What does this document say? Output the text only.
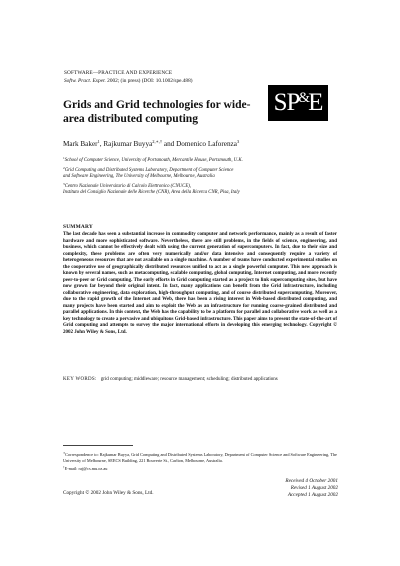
SOFTWARE—PRACTICE AND EXPERIENCE
Softw. Pract. Exper. 2002; (in press) (DOI: 10.1002/spe.488)
Grids and Grid technologies for wide-area distributed computing
SP&E
Mark Baker$^1$, Rajkumar Buyya$^{2,∗,\dagger}$ and Domenico Laforenza$^3$
$^1$School of Computer Science, University of Portsmouth, Mercantile House, Portsmouth, U.K.
$^2$Grid Computing and Distributed Systems Laboratory, Department of Computer Science
and Software Engineering, The University of Melbourne, Melbourne, Australia
$^3$Centro Nazionale Universitario di Calcolo Elettronico (CNUCE),
Instituto del Consiglio Nazionale delle Ricerche (CNR), Area della Ricerca CNR, Pisa, Italy
SUMMARY

The last decade has seen a substantial increase in commodity computer and network performance, mainly as a result of faster hardware and more sophisticated software. Nevertheless, there are still problems, in the fields of science, engineering, and business, which cannot be effectively dealt with using the current generation of supercomputers. In fact, due to their size and complexity, these problems are often very numerically and/or data intensive and consequently require a variety of heterogeneous resources that are not available on a single machine. A number of teams have conducted experimental studies on the cooperative use of geographically distributed resources unified to act as a single powerful computer. This new approach is known by several names, such as metacomputing, scalable computing, global computing, Internet computing, and more recently peer-to-peer or Grid computing. The early efforts in Grid computing started as a project to link supercomputing sites, but have now grown far beyond their original intent. In fact, many applications can benefit from the Grid infrastructure, including collaborative engineering, data exploration, high-throughput computing, and of course distributed supercomputing. Moreover, due to the rapid growth of the Internet and Web, there has been a rising interest in Web-based distributed computing, and many projects have been started and aim to exploit the Web as an infrastructure for running coarse-grained distributed and parallel applications. In this context, the Web has the capability to be a platform for parallel and collaborative work as well as a key technology to create a pervasive and ubiquitous Grid-based infrastructure. This paper aims to present the state-of-the-art of Grid computing and attempts to survey the major international efforts in developing this emerging technology. Copyright © 2002 John Wiley & Sons, Ltd.

KEY WORDS: grid computing; middleware; resource management; scheduling; distributed applications
∗Correspondence to: Rajkumar Buyya, Grid Computing and Distributed Systems Laboratory, Department of Computer Science and Software Engineering, The University of Melbourne, SEECS Building, 221 Bouverie St., Carlton, Melbourne, Australia.
†E-mail: raj@cs.mu.oz.au
Copyright © 2002 John Wiley & Sons, Ltd.
Received 4 October 2001
Revised 1 August 2002
Accepted 1 August 2002
